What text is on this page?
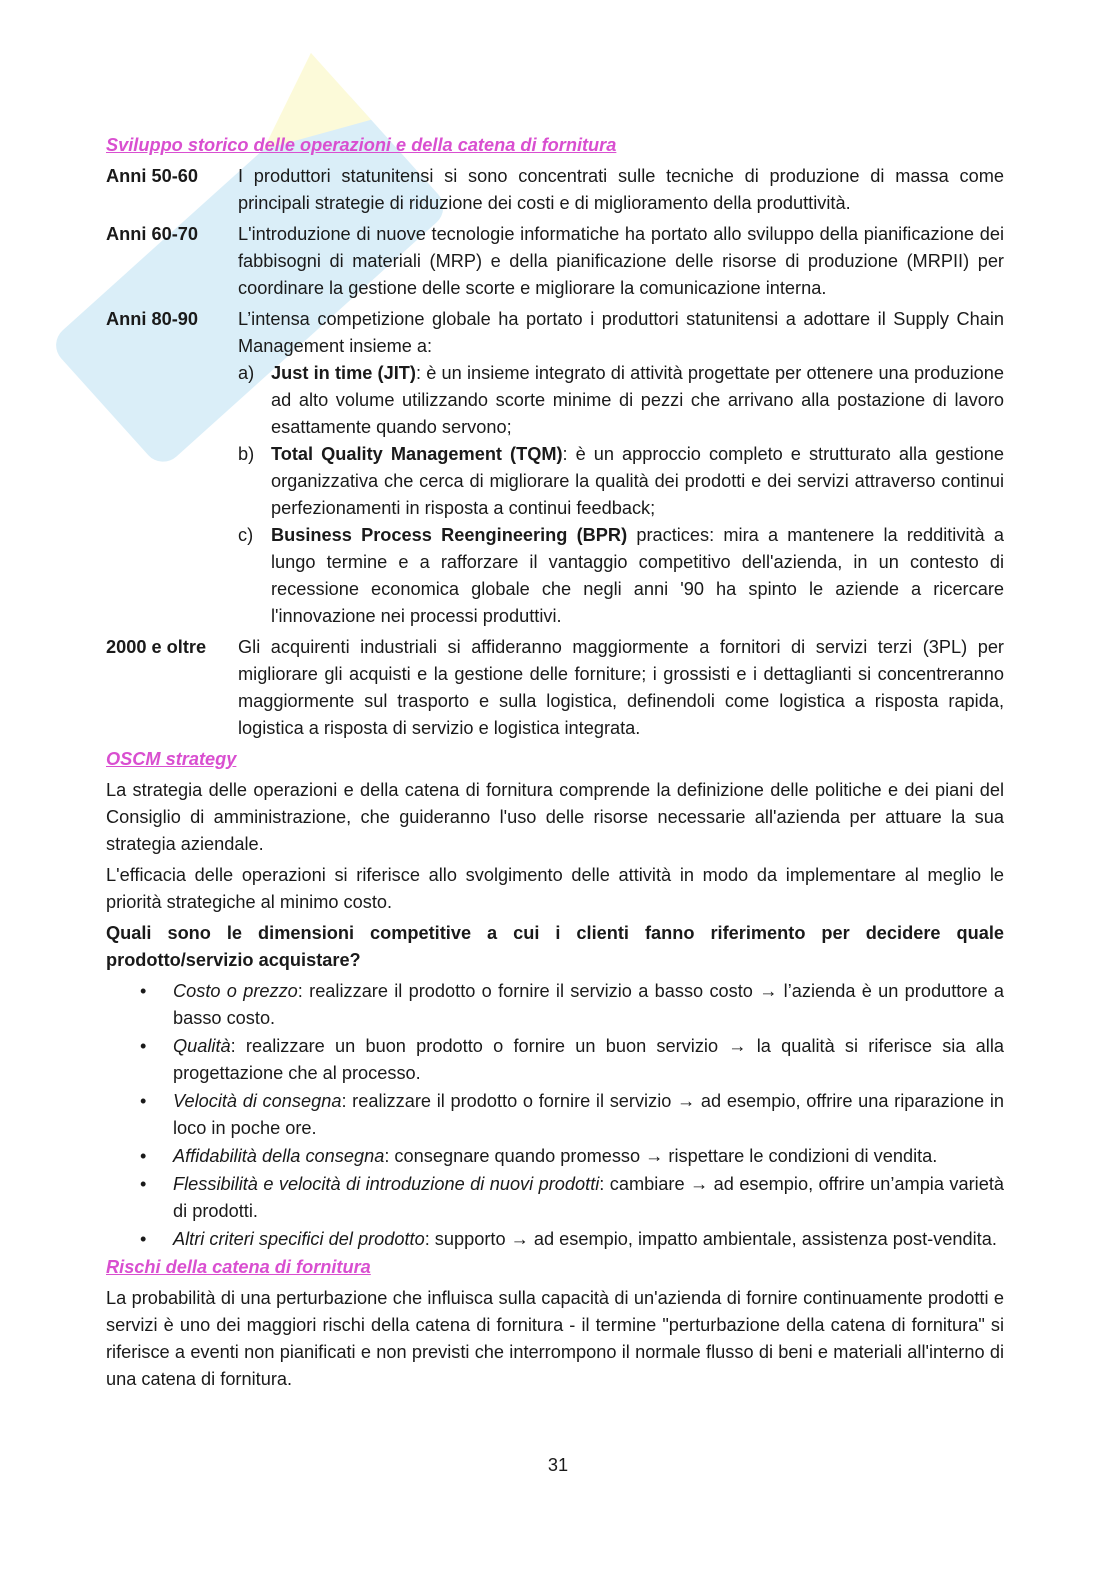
Sviluppo storico delle operazioni e della catena di fornitura
Anni 50-60	I produttori statunitensi si sono concentrati sulle tecniche di produzione di massa come principali strategie di riduzione dei costi e di miglioramento della produttività.
Anni 60-70	L'introduzione di nuove tecnologie informatiche ha portato allo sviluppo della pianificazione dei fabbisogni di materiali (MRP) e della pianificazione delle risorse di produzione (MRPII) per coordinare la gestione delle scorte e migliorare la comunicazione interna.
Anni 80-90	L’intensa competizione globale ha portato i produttori statunitensi a adottare il Supply Chain Management insieme a:
a) Just in time (JIT): è un insieme integrato di attività progettate per ottenere una produzione ad alto volume utilizzando scorte minime di pezzi che arrivano alla postazione di lavoro esattamente quando servono;
b) Total Quality Management (TQM): è un approccio completo e strutturato alla gestione organizzativa che cerca di migliorare la qualità dei prodotti e dei servizi attraverso continui perfezionamenti in risposta a continui feedback;
c) Business Process Reengineering (BPR) practices: mira a mantenere la redditività a lungo termine e a rafforzare il vantaggio competitivo dell'azienda, in un contesto di recessione economica globale che negli anni '90 ha spinto le aziende a ricercare l'innovazione nei processi produttivi.
2000 e oltre	Gli acquirenti industriali si affideranno maggiormente a fornitori di servizi terzi (3PL) per migliorare gli acquisti e la gestione delle forniture; i grossisti e i dettaglianti si concentreranno maggiormente sul trasporto e sulla logistica, definendoli come logistica a risposta rapida, logistica a risposta di servizio e logistica integrata.
OSCM strategy

La strategia delle operazioni e della catena di fornitura comprende la definizione delle politiche e dei piani del Consiglio di amministrazione, che guideranno l'uso delle risorse necessarie all'azienda per attuare la sua strategia aziendale.

L'efficacia delle operazioni si riferisce allo svolgimento delle attività in modo da implementare al meglio le priorità strategiche al minimo costo.

Quali sono le dimensioni competitive a cui i clienti fanno riferimento per decidere quale prodotto/servizio acquistare?

•	Costo o prezzo: realizzare il prodotto o fornire il servizio a basso costo → l’azienda è un produttore a basso costo.
•	Qualità: realizzare un buon prodotto o fornire un buon servizio → la qualità si riferisce sia alla progettazione che al processo.
•	Velocità di consegna: realizzare il prodotto o fornire il servizio → ad esempio, offrire una riparazione in loco in poche ore.
•	Affidabilità della consegna: consegnare quando promesso → rispettare le condizioni di vendita.
•	Flessibilità e velocità di introduzione di nuovi prodotti: cambiare → ad esempio, offrire un’ampia varietà di prodotti.
•	Altri criteri specifici del prodotto: supporto → ad esempio, impatto ambientale, assistenza post-vendita.
Rischi della catena di fornitura

La probabilità di una perturbazione che influisca sulla capacità di un'azienda di fornire continuamente prodotti e servizi è uno dei maggiori rischi della catena di fornitura - il termine "perturbazione della catena di fornitura" si riferisce a eventi non pianificati e non previsti che interrompono il normale flusso di beni e materiali all'interno di una catena di fornitura.

31
